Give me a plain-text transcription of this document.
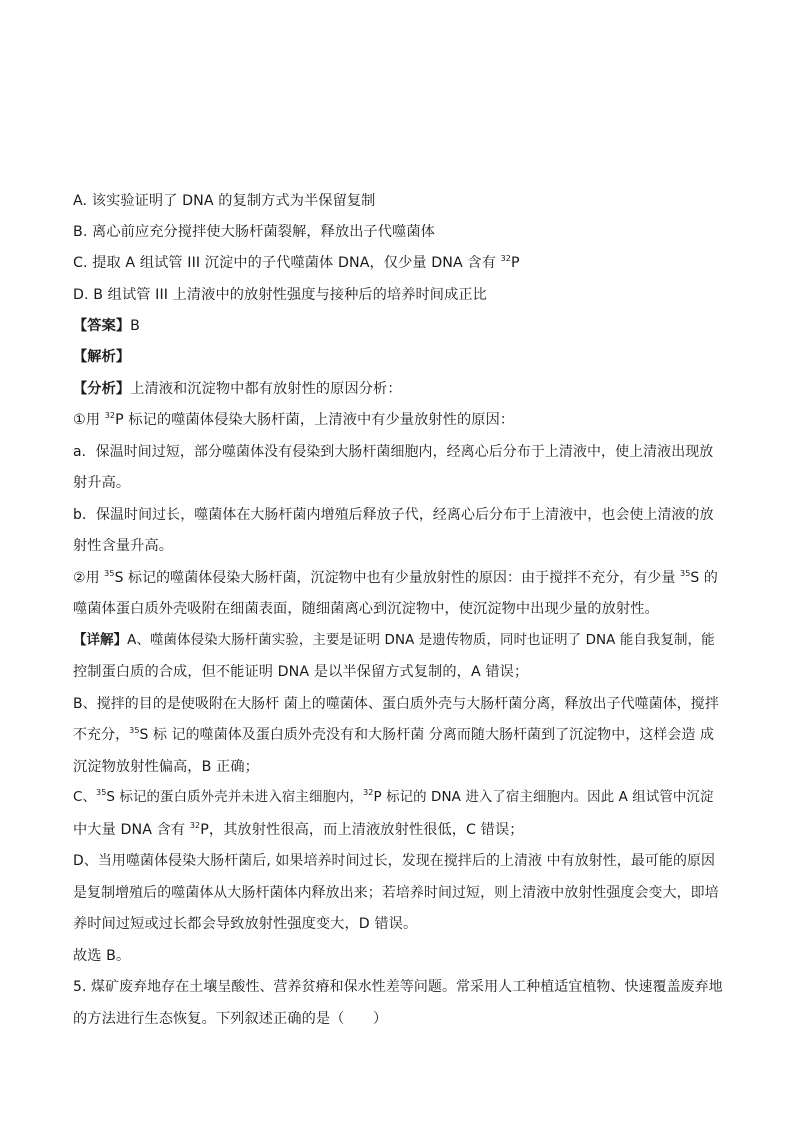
A. 该实验证明了 DNA 的复制方式为半保留复制
B. 离心前应充分搅拌使大肠杆菌裂解，释放出子代噬菌体
C. 提取 A 组试管 III 沉淀中的子代噬菌体 DNA，仅少量 DNA 含有 $^{32}$P
D. B 组试管 III 上清液中的放射性强度与接种后的培养时间成正比
【答案】B
【解析】
【分析】上清液和沉淀物中都有放射性的原因分析：
①用 $^{32}$P 标记的噬菌体侵染大肠杆菌，上清液中有少量放射性的原因：
a．保温时间过短，部分噬菌体没有侵染到大肠杆菌细胞内，经离心后分布于上清液中，使上清液出现放
射升高。
b．保温时间过长，噬菌体在大肠杆菌内增殖后释放子代，经离心后分布于上清液中，也会使上清液的放
射性含量升高。
②用 $^{35}$S 标记的噬菌体侵染大肠杆菌，沉淀物中也有少量放射性的原因：由于搅拌不充分，有少量 $^{35}$S 的
噬菌体蛋白质外壳吸附在细菌表面，随细菌离心到沉淀物中，使沉淀物中出现少量的放射性。
【详解】A、噬菌体侵染大肠杆菌实验，主要是证明 DNA 是遗传物质，同时也证明了 DNA 能自我复制，能
控制蛋白质的合成，但不能证明 DNA 是以半保留方式复制的，A 错误；
B、搅拌的目的是使吸附在大肠杆 菌上的噬菌体、蛋白质外壳与大肠杆菌分离，释放出子代噬菌体，搅拌
不充分，$^{35}$S 标 记的噬菌体及蛋白质外壳没有和大肠杆菌 分离而随大肠杆菌到了沉淀物中，这样会造 成
沉淀物放射性偏高，B 正确；
C、$^{35}$S 标记的蛋白质外壳并未进入宿主细胞内，$^{32}$P 标记的 DNA 进入了宿主细胞内。因此 A 组试管中沉淀
中大量 DNA 含有 $^{32}$P，其放射性很高，而上清液放射性很低，C 错误；
D、当用噬菌体侵染大肠杆菌后, 如果培养时间过长，发现在搅拌后的上清液 中有放射性，最可能的原因
是复制增殖后的噬菌体从大肠杆菌体内释放出来；若培养时间过短，则上清液中放射性强度会变大，即培
养时间过短或过长都会导致放射性强度变大，D 错误。
故选 B。
5. 煤矿废弃地存在土壤呈酸性、营养贫瘠和保水性差等问题。常采用人工种植适宜植物、快速覆盖废弃地
的方法进行生态恢复。下列叙述正确的是（　　）
